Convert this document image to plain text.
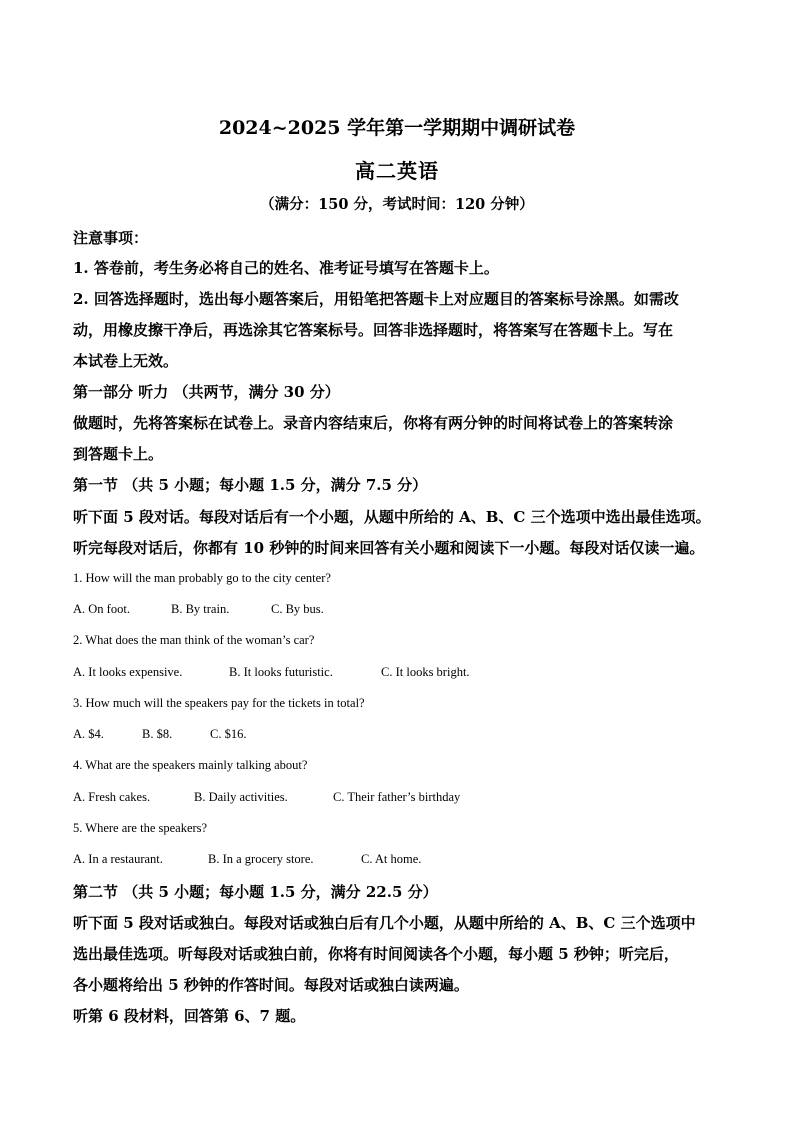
2024~2025 学年第一学期期中调研试卷
高二英语
（满分：150 分，考试时间：120 分钟）
注意事项：
1. 答卷前，考生务必将自己的姓名、准考证号填写在答题卡上。
2. 回答选择题时，选出每小题答案后，用铅笔把答题卡上对应题目的答案标号涂黑。如需改
动，用橡皮擦干净后，再选涂其它答案标号。回答非选择题时，将答案写在答题卡上。写在
本试卷上无效。
第一部分 听力 （共两节，满分 30 分）
做题时，先将答案标在试卷上。录音内容结束后，你将有两分钟的时间将试卷上的答案转涂
到答题卡上。
第一节 （共 5 小题；每小题 1.5 分，满分 7.5 分）
听下面 5 段对话。每段对话后有一个小题，从题中所给的 A、B、C 三个选项中选出最佳选项。
听完每段对话后，你都有 10 秒钟的时间来回答有关小题和阅读下一小题。每段对话仅读一遍。
1. How will the man probably go to the city center?
A. On foot.	B. By train.	C. By bus.
2. What does the man think of the woman’s car?
A. It looks expensive.	B. It looks futuristic.	C. It looks bright.
3. How much will the speakers pay for the tickets in total?
A. $4.	B. $8.	C. $16.
4. What are the speakers mainly talking about?
A. Fresh cakes.	B. Daily activities.	C. Their father’s birthday
5. Where are the speakers?
A. In a restaurant.	B. In a grocery store.	C. At home.
第二节 （共 5 小题；每小题 1.5 分，满分 22.5 分）
听下面 5 段对话或独白。每段对话或独白后有几个小题，从题中所给的 A、B、C 三个选项中
选出最佳选项。听每段对话或独白前，你将有时间阅读各个小题，每小题 5 秒钟；听完后，
各小题将给出 5 秒钟的作答时间。每段对话或独白读两遍。
听第 6 段材料，回答第 6、7 题。
